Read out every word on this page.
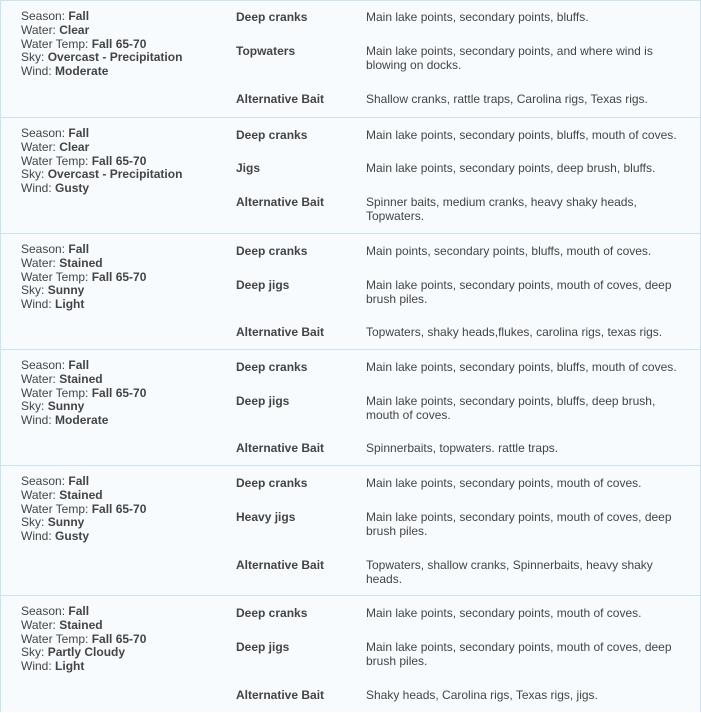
Season: Fall
Water: Clear
Water Temp: Fall 65-70
Sky: Overcast - Precipitation
Wind: Moderate
Deep cranks	Main lake points, secondary points, bluffs.
Topwaters	Main lake points, secondary points, and where wind is blowing on docks.
Alternative Bait	Shallow cranks, rattle traps, Carolina rigs, Texas rigs.
Season: Fall
Water: Clear
Water Temp: Fall 65-70
Sky: Overcast - Precipitation
Wind: Gusty
Deep cranks	Main lake points, secondary points, bluffs, mouth of coves.
Jigs	Main lake points, secondary points, deep brush, bluffs.
Alternative Bait	Spinner baits, medium cranks, heavy shaky heads, Topwaters.
Season: Fall
Water: Stained
Water Temp: Fall 65-70
Sky: Sunny
Wind: Light
Deep cranks	Main points, secondary points, bluffs, mouth of coves.
Deep jigs	Main lake points, secondary points, mouth of coves, deep brush piles.
Alternative Bait	Topwaters, shaky heads,flukes, carolina rigs, texas rigs.
Season: Fall
Water: Stained
Water Temp: Fall 65-70
Sky: Sunny
Wind: Moderate
Deep cranks	Main lake points, secondary points, bluffs, mouth of coves.
Deep jigs	Main lake points, secondary points, bluffs, deep brush, mouth of coves.
Alternative Bait	Spinnerbaits, topwaters. rattle traps.
Season: Fall
Water: Stained
Water Temp: Fall 65-70
Sky: Sunny
Wind: Gusty
Deep cranks	Main lake points, secondary points, mouth of coves.
Heavy jigs	Main lake points, secondary points, mouth of coves, deep brush piles.
Alternative Bait	Topwaters, shallow cranks, Spinnerbaits, heavy shaky heads.
Season: Fall
Water: Stained
Water Temp: Fall 65-70
Sky: Partly Cloudy
Wind: Light
Deep cranks	Main lake points, secondary points, mouth of coves.
Deep jigs	Main lake points, secondary points, mouth of coves, deep brush piles.
Alternative Bait	Shaky heads, Carolina rigs, Texas rigs, jigs.
